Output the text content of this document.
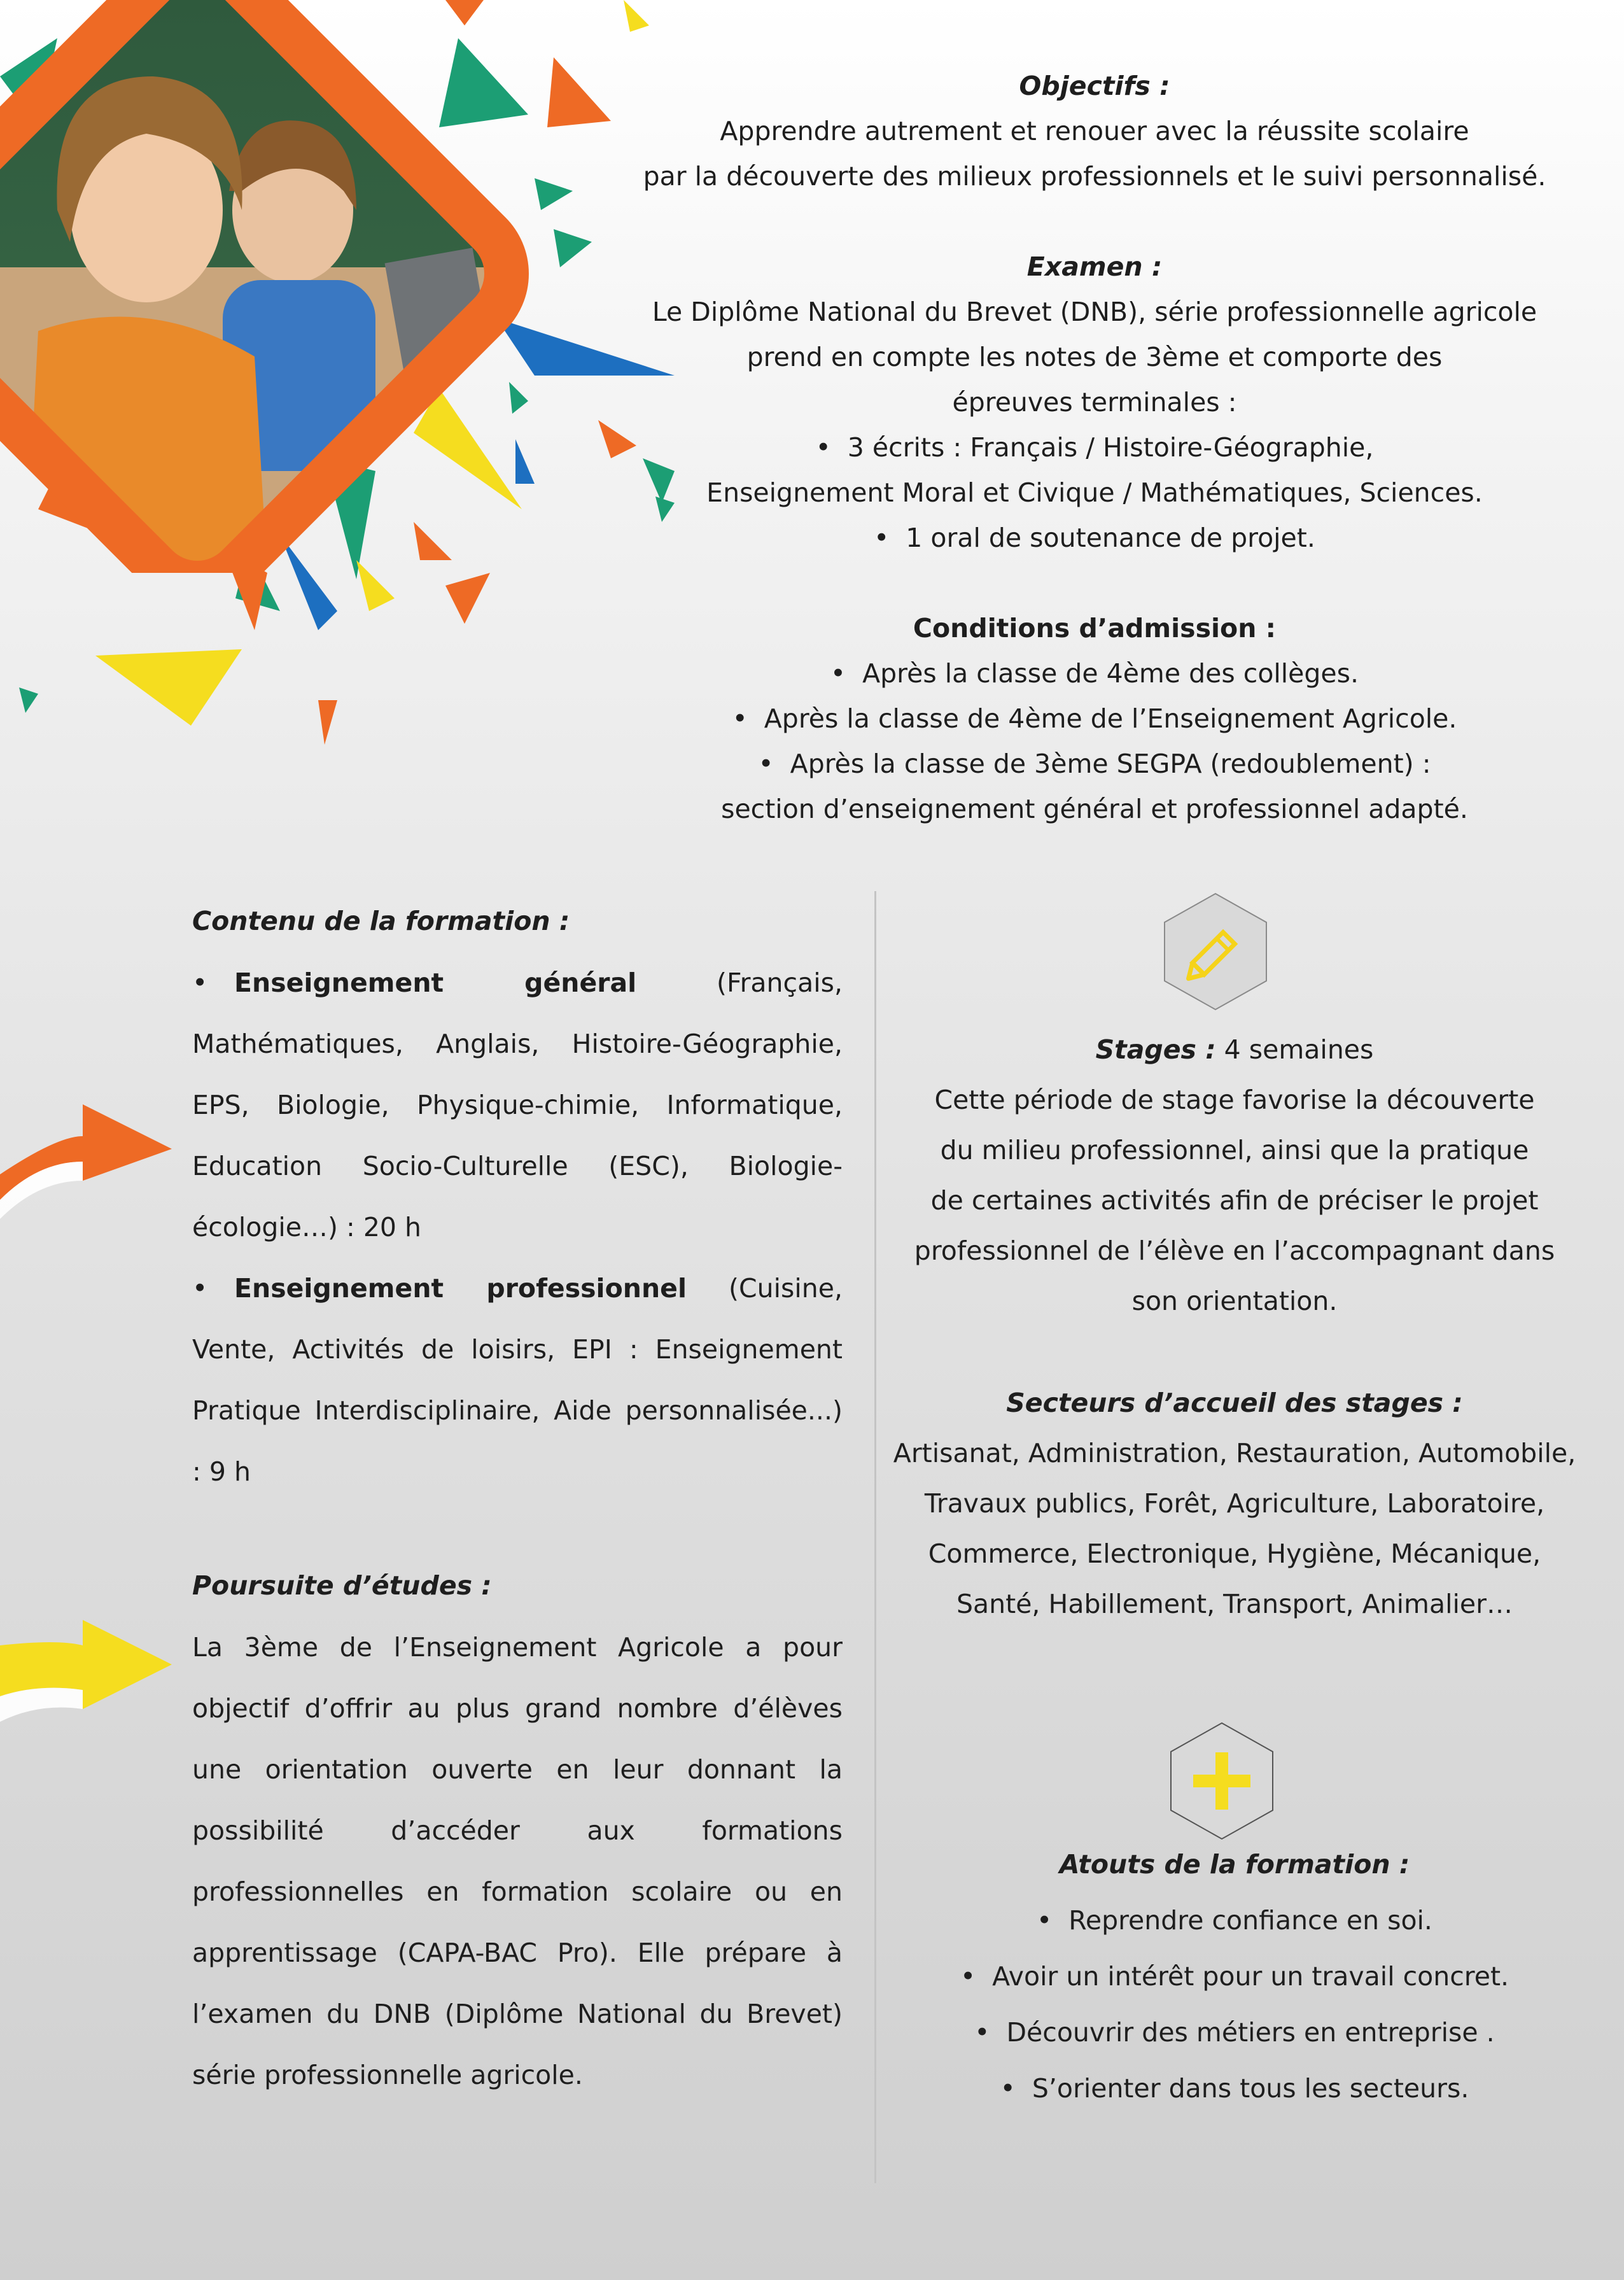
Objectifs :

Apprendre autrement et renouer avec la réussite scolaire

par la découverte des milieux professionnels et le suivi personnalisé.

Examen :

Le Diplôme National du Brevet (DNB), série professionnelle agricole

prend en compte les notes de 3ème et comporte des

épreuves terminales :

• 3 écrits : Français / Histoire-Géographie,

Enseignement Moral et Civique / Mathématiques, Sciences.

• 1 oral de soutenance de projet.

Conditions d’admission :

• Après la classe de 4ème des collèges.

• Après la classe de 4ème de l’Enseignement Agricole.

• Après la classe de 3ème SEGPA (redoublement) :

section d’enseignement général et professionnel adapté.

Contenu de la formation :

• Enseignement général (Français, Mathématiques, Anglais, Histoire-Géographie, EPS, Biologie, Physique-chimie, Informatique, Education Socio-Culturelle (ESC), Biologie-écologie…) : 20 h

• Enseignement professionnel (Cuisine, Vente, Activités de loisirs, EPI : Enseignement Pratique Interdisciplinaire, Aide personnalisée...) : 9 h

Poursuite d’études :

La 3ème de l’Enseignement Agricole a pour objectif d’offrir au plus grand nombre d’élèves une orientation ouverte en leur donnant la possibilité d’accéder aux formations professionnelles en formation scolaire ou en apprentissage (CAPA-BAC Pro). Elle prépare à l’examen du DNB (Diplôme National du Brevet) série professionnelle agricole.

Stages : 4 semaines

Cette période de stage favorise la découverte

du milieu professionnel, ainsi que la pratique

de certaines activités afin de préciser le projet

professionnel de l’élève en l’accompagnant dans

son orientation.

Secteurs d’accueil des stages :

Artisanat, Administration, Restauration, Automobile,

Travaux publics, Forêt, Agriculture, Laboratoire,

Commerce, Electronique, Hygiène, Mécanique,

Santé, Habillement, Transport, Animalier…

Atouts de la formation :

• Reprendre confiance en soi.

• Avoir un intérêt pour un travail concret.

• Découvrir des métiers en entreprise .

• S’orienter dans tous les secteurs.
